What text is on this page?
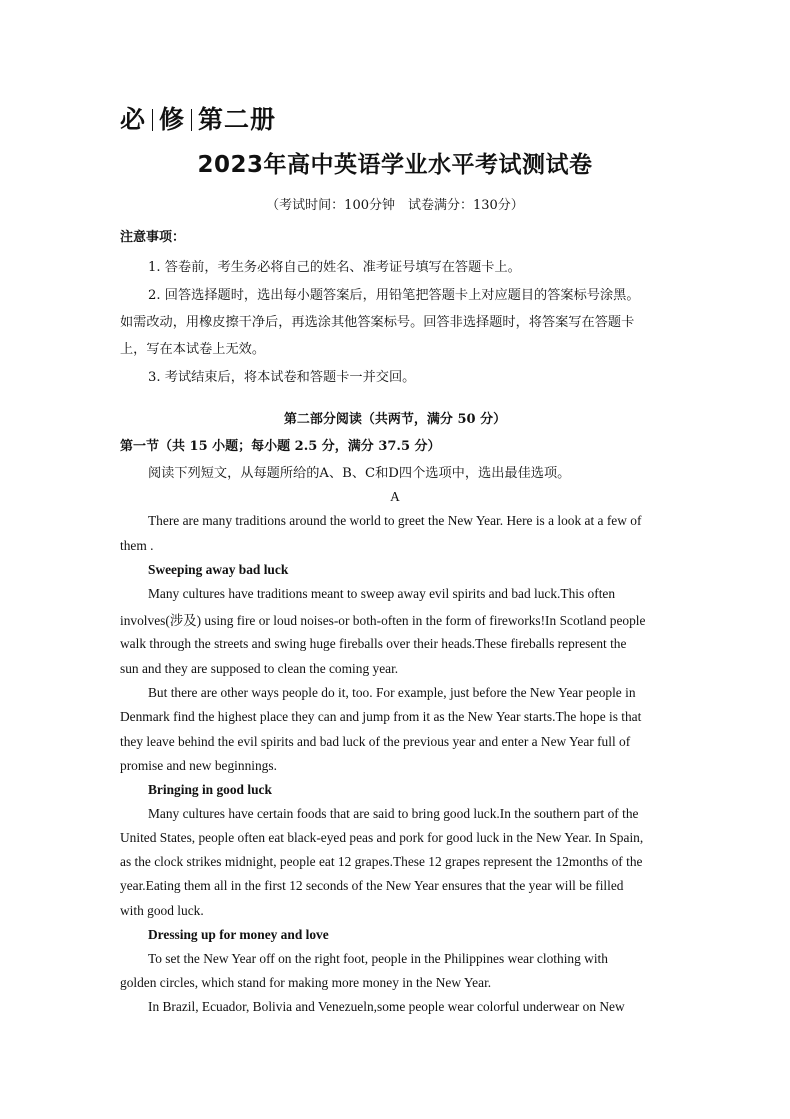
必 修 第二册
2023年高中英语学业水平考试测试卷
（考试时间：100分钟　试卷满分：130分）
注意事项：
1. 答卷前，考生务必将自己的姓名、准考证号填写在答题卡上。
2. 回答选择题时，选出每小题答案后，用铅笔把答题卡上对应题目的答案标号涂黑。
如需改动，用橡皮擦干净后，再选涂其他答案标号。回答非选择题时，将答案写在答题卡
上，写在本试卷上无效。
3. 考试结束后，将本试卷和答题卡一并交回。
第二部分阅读（共两节，满分 50 分）
第一节（共 15 小题；每小题 2.5 分，满分 37.5 分）
阅读下列短文，从每题所给的A、B、C和D四个选项中，选出最佳选项。
A
There are many traditions around the world to greet the New Year. Here is a look at a few of
them .
Sweeping away bad luck
Many cultures have traditions meant to sweep away evil spirits and bad luck.This often
involves(涉及) using fire or loud noises-or both-often in the form of fireworks!In Scotland people
walk through the streets and swing huge fireballs over their heads.These fireballs represent the
sun and they are supposed to clean the coming year.
But there are other ways people do it, too. For example, just before the New Year people in
Denmark find the highest place they can and jump from it as the New Year starts.The hope is that
they leave behind the evil spirits and bad luck of the previous year and enter a New Year full of
promise and new beginnings.
Bringing in good luck
Many cultures have certain foods that are said to bring good luck.In the southern part of the
United States, people often eat black-eyed peas and pork for good luck in the New Year. In Spain,
as the clock strikes midnight, people eat 12 grapes.These 12 grapes represent the 12months of the
year.Eating them all in the first 12 seconds of the New Year ensures that the year will be filled
with good luck.
Dressing up for money and love
To set the New Year off on the right foot, people in the Philippines wear clothing with
golden circles, which stand for making more money in the New Year.
In Brazil, Ecuador, Bolivia and Venezueln,some people wear colorful underwear on New
